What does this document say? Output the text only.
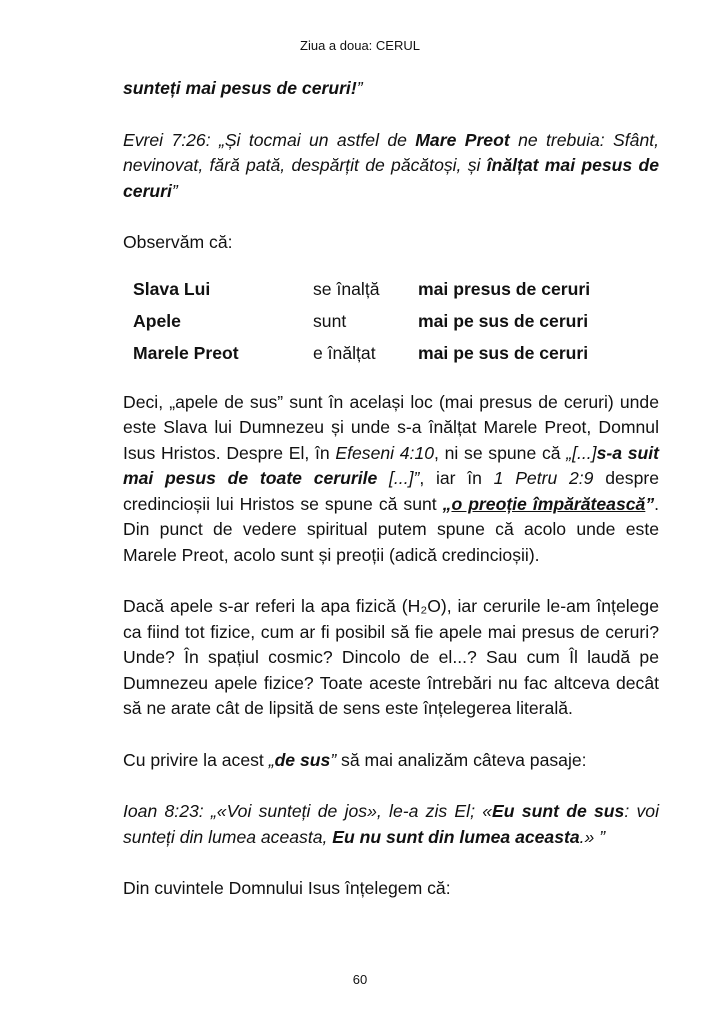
Ziua a doua: CERUL

sunteți mai pesus de ceruri!”

Evrei 7:26: „Și tocmai un astfel de Mare Preot ne trebuia: Sfânt, nevinovat, fără pată, despărțit de păcătoși, și înălțat mai pesus de ceruri”

Observăm că:

Slava Lui	se înalță	mai presus de ceruri
Apele	sunt	mai pe sus de ceruri
Marele Preot	e înălțat	mai pe sus de ceruri

Deci, „apele de sus” sunt în același loc (mai presus de ceruri) unde este Slava lui Dumnezeu și unde s-a înălțat Marele Preot, Domnul Isus Hristos. Despre El, în Efeseni 4:10, ni se spune că „[...]s-a suit mai pesus de toate cerurile [...]”, iar în 1 Petru 2:9 despre credincioșii lui Hristos se spune că sunt „o preoție împărătească”. Din punct de vedere spiritual putem spune că acolo unde este Marele Preot, acolo sunt și preoții (adică credincioșii).

Dacă apele s-ar referi la apa fizică (H₂O), iar cerurile le-am înțelege ca fiind tot fizice, cum ar fi posibil să fie apele mai presus de ceruri? Unde? În spațiul cosmic? Dincolo de el...? Sau cum Îl laudă pe Dumnezeu apele fizice? Toate aceste întrebări nu fac altceva decât să ne arate cât de lipsită de sens este înțelegerea literală.

Cu privire la acest „de sus” să mai analizăm câteva pasaje:

Ioan 8:23: „«Voi sunteți de jos», le-a zis El; «Eu sunt de sus: voi sunteți din lumea aceasta, Eu nu sunt din lumea aceasta.» ”

Din cuvintele Domnului Isus înțelegem că:

60
